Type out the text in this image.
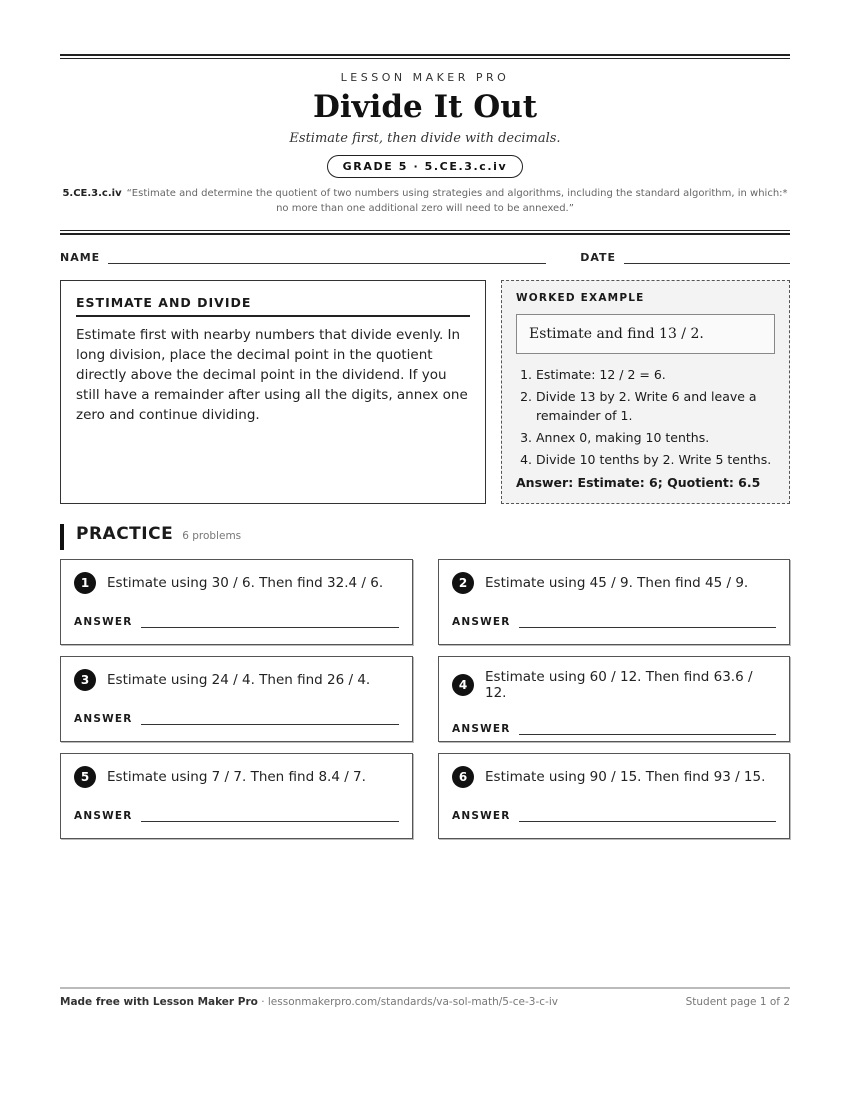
LESSON MAKER PRO
Divide It Out
Estimate first, then divide with decimals.
GRADE 5 · 5.CE.3.c.iv
5.CE.3.c.iv “Estimate and determine the quotient of two numbers using strategies and algorithms, including the standard algorithm, in which:* no more than one additional zero will need to be annexed.”
NAME	DATE
ESTIMATE AND DIVIDE
Estimate first with nearby numbers that divide evenly. In long division, place the decimal point in the quotient directly above the decimal point in the dividend. If you still have a remainder after using all the digits, annex one zero and continue dividing.
WORKED EXAMPLE
Estimate and find 13 / 2.
1. Estimate: 12 / 2 = 6.
2. Divide 13 by 2. Write 6 and leave a remainder of 1.
3. Annex 0, making 10 tenths.
4. Divide 10 tenths by 2. Write 5 tenths.
Answer: Estimate: 6; Quotient: 6.5
PRACTICE 6 problems
1	Estimate using 30 / 6. Then find 32.4 / 6.
ANSWER
2	Estimate using 45 / 9. Then find 45 / 9.
ANSWER
3	Estimate using 24 / 4. Then find 26 / 4.
ANSWER
4	Estimate using 60 / 12. Then find 63.6 / 12.
ANSWER
5	Estimate using 7 / 7. Then find 8.4 / 7.
ANSWER
6	Estimate using 90 / 15. Then find 93 / 15.
ANSWER
Made free with Lesson Maker Pro · lessonmakerpro.com/standards/va-sol-math/5-ce-3-c-iv	Student page 1 of 2
